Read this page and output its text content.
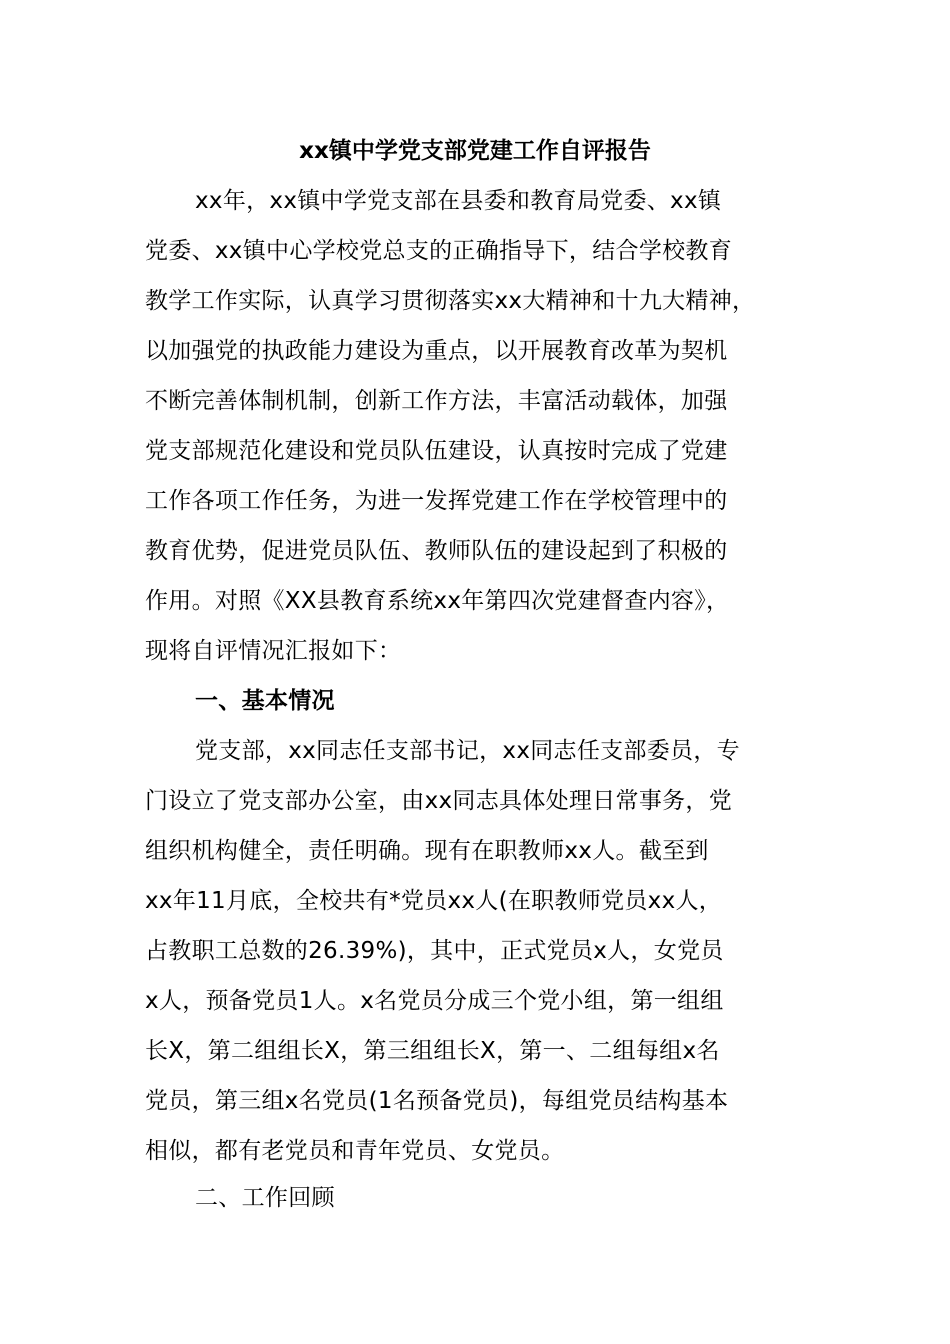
xx镇中学党支部党建工作自评报告
xx年，xx镇中学党支部在县委和教育局党委、xx镇
党委、xx镇中心学校党总支的正确指导下，结合学校教育
教学工作实际，认真学习贯彻落实xx大精神和十九大精神，
以加强党的执政能力建设为重点，以开展教育改革为契机
不断完善体制机制，创新工作方法，丰富活动载体，加强
党支部规范化建设和党员队伍建设，认真按时完成了党建
工作各项工作任务，为进一发挥党建工作在学校管理中的
教育优势，促进党员队伍、教师队伍的建设起到了积极的
作用。对照《XX县教育系统xx年第四次党建督查内容》，
现将自评情况汇报如下：
一、基本情况
党支部，xx同志任支部书记，xx同志任支部委员，专
门设立了党支部办公室，由xx同志具体处理日常事务，党
组织机构健全，责任明确。现有在职教师xx人。截至到
xx年11月底，全校共有*党员xx人(在职教师党员xx人，
占教职工总数的26.39%)，其中，正式党员x人，女党员
x人，预备党员1人。x名党员分成三个党小组，第一组组
长X，第二组组长X，第三组组长X，第一、二组每组x名
党员，第三组x名党员(1名预备党员)，每组党员结构基本
相似，都有老党员和青年党员、女党员。
二、工作回顾
